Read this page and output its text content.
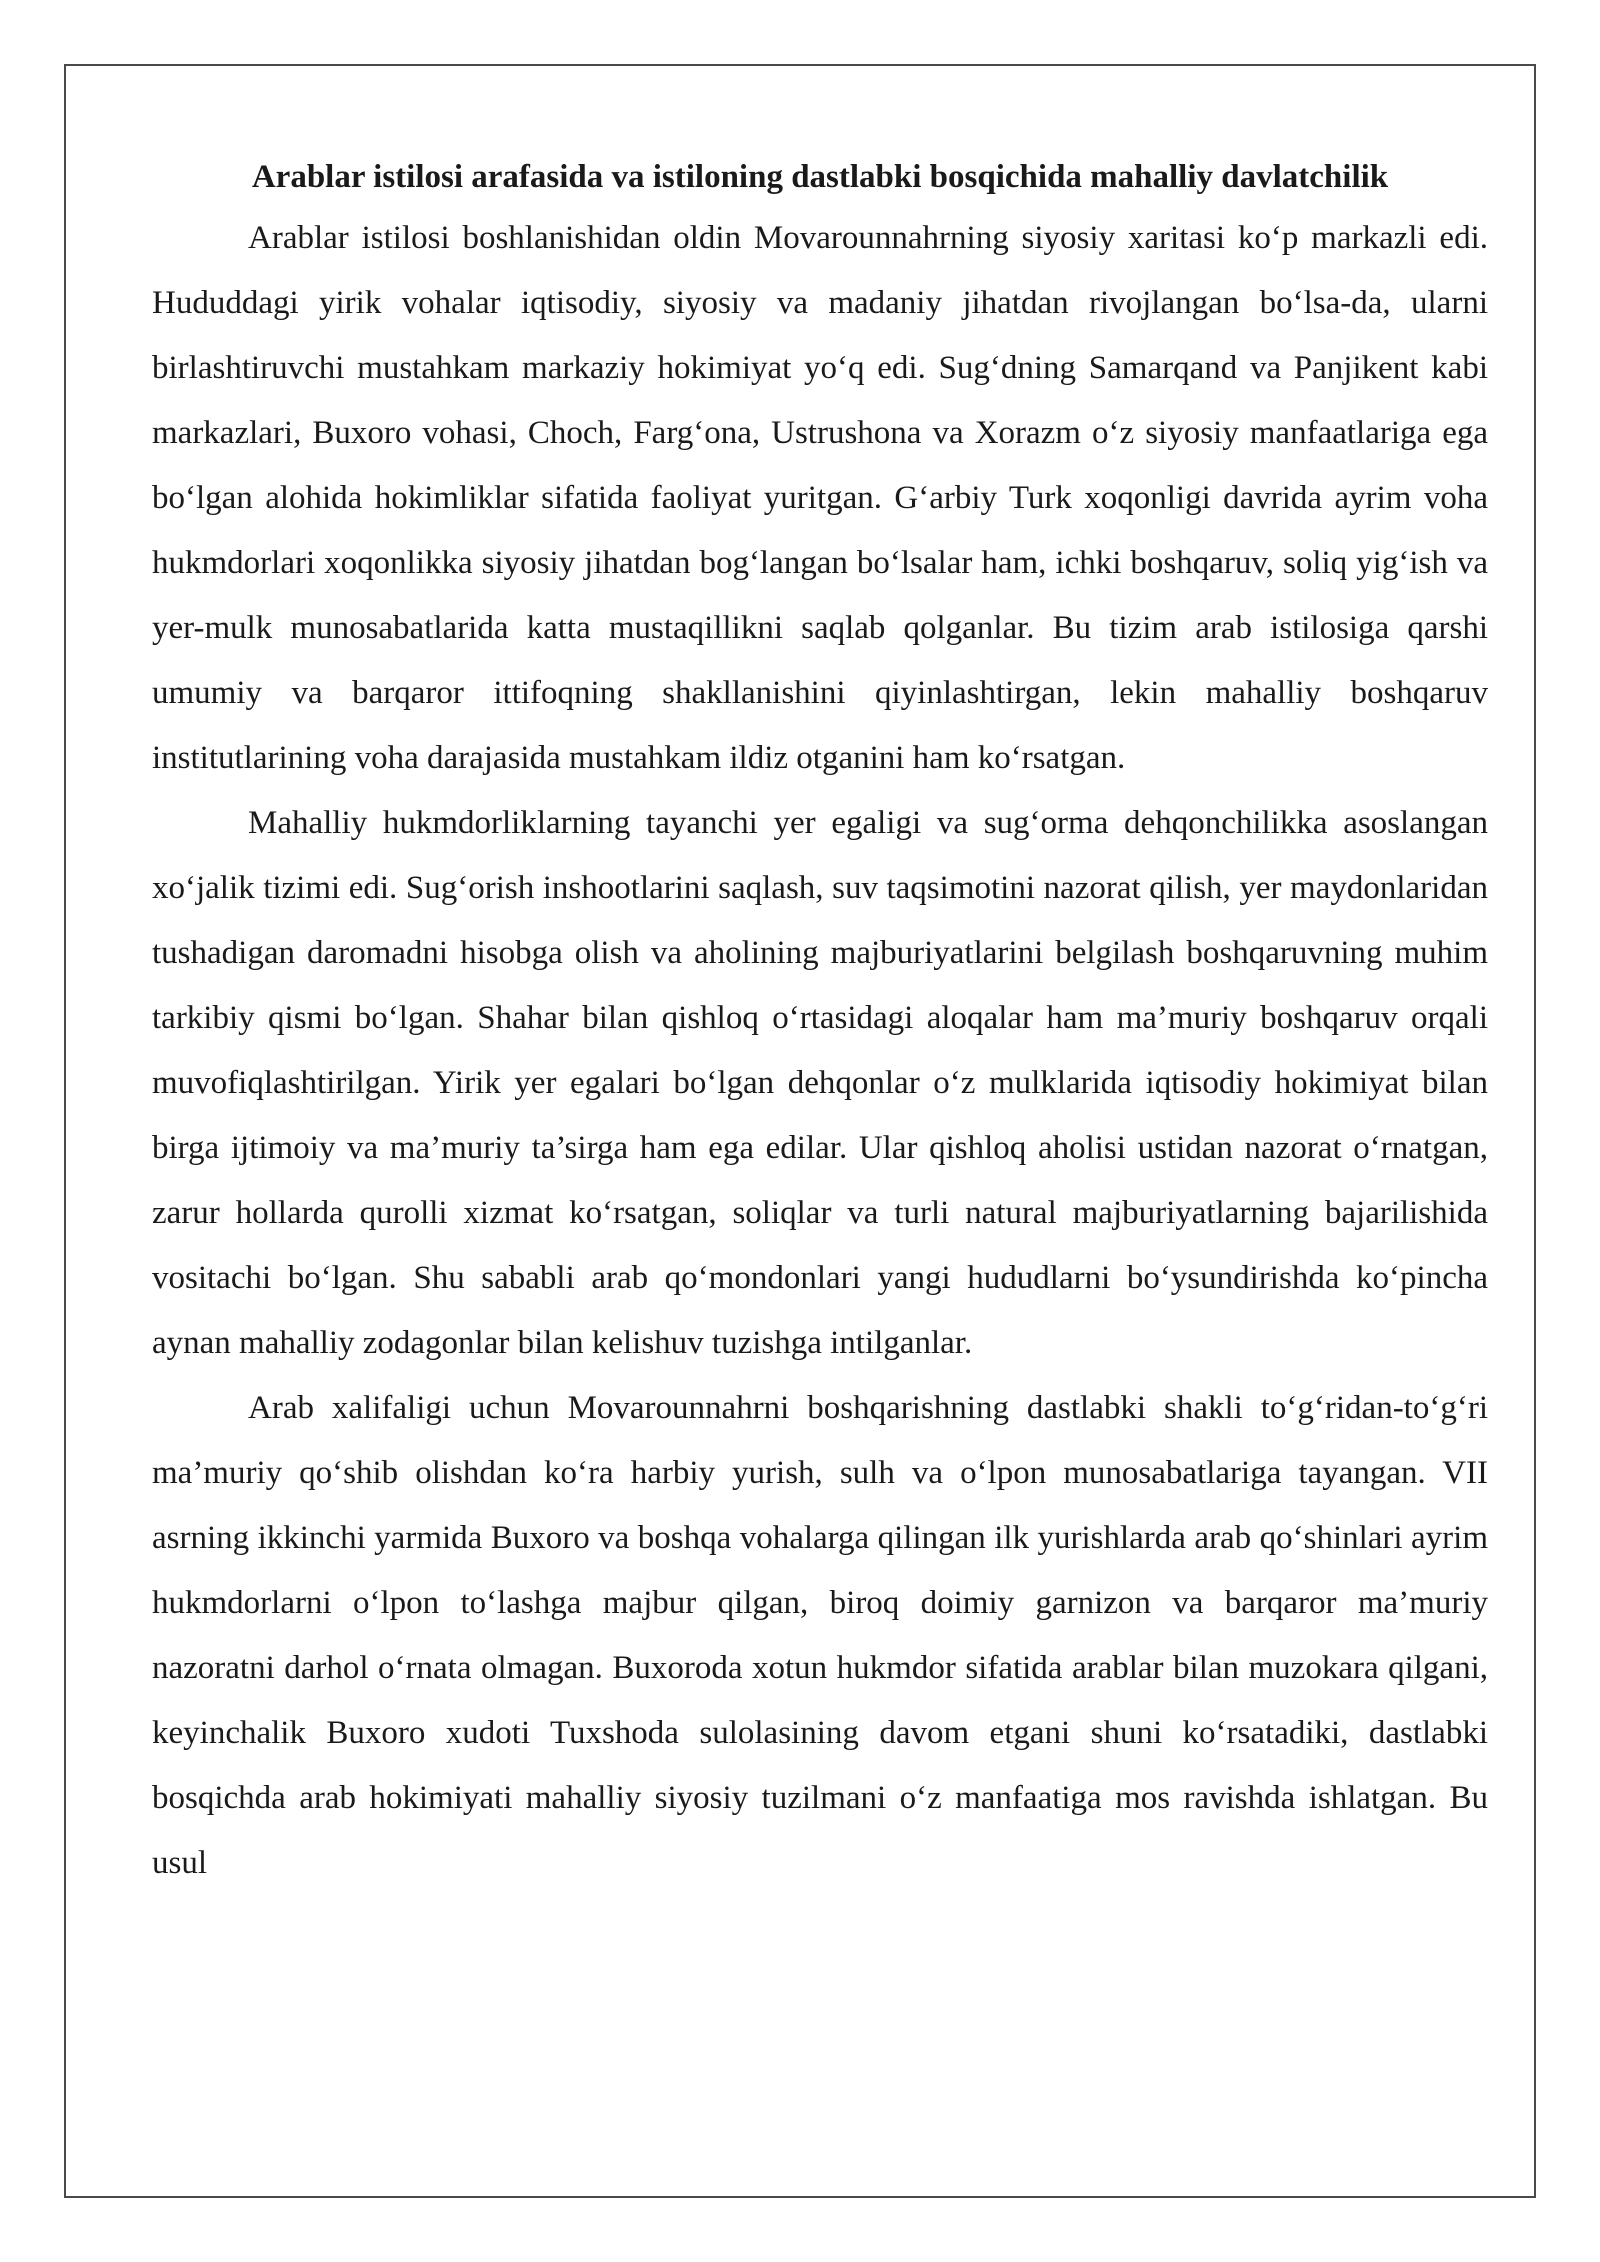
Arablar istilosi arafasida va istiloning dastlabki bosqichida mahalliy davlatchilik

Arablar istilosi boshlanishidan oldin Movarounnahrning siyosiy xaritasi ko‘p markazli edi. Hududdagi yirik vohalar iqtisodiy, siyosiy va madaniy jihatdan rivojlangan bo‘lsa-da, ularni birlashtiruvchi mustahkam markaziy hokimiyat yo‘q edi. Sug‘dning Samarqand va Panjikent kabi markazlari, Buxoro vohasi, Choch, Farg‘ona, Ustrushona va Xorazm o‘z siyosiy manfaatlariga ega bo‘lgan alohida hokimliklar sifatida faoliyat yuritgan. G‘arbiy Turk xoqonligi davrida ayrim voha hukmdorlari xoqonlikka siyosiy jihatdan bog‘langan bo‘lsalar ham, ichki boshqaruv, soliq yig‘ish va yer-mulk munosabatlarida katta mustaqillikni saqlab qolganlar. Bu tizim arab istilosiga qarshi umumiy va barqaror ittifoqning shakllanishini qiyinlashtirgan, lekin mahalliy boshqaruv institutlarining voha darajasida mustahkam ildiz otganini ham ko‘rsatgan.

Mahalliy hukmdorliklarning tayanchi yer egaligi va sug‘orma dehqonchilikka asoslangan xo‘jalik tizimi edi. Sug‘orish inshootlarini saqlash, suv taqsimotini nazorat qilish, yer maydonlaridan tushadigan daromadni hisobga olish va aholining majburiyatlarini belgilash boshqaruvning muhim tarkibiy qismi bo‘lgan. Shahar bilan qishloq o‘rtasidagi aloqalar ham ma’muriy boshqaruv orqali muvofiqlashtirilgan. Yirik yer egalari bo‘lgan dehqonlar o‘z mulklarida iqtisodiy hokimiyat bilan birga ijtimoiy va ma’muriy ta’sirga ham ega edilar. Ular qishloq aholisi ustidan nazorat o‘rnatgan, zarur hollarda qurolli xizmat ko‘rsatgan, soliqlar va turli natural majburiyatlarning bajarilishida vositachi bo‘lgan. Shu sababli arab qo‘mondonlari yangi hududlarni bo‘ysundirishda ko‘pincha aynan mahalliy zodagonlar bilan kelishuv tuzishga intilganlar.

Arab xalifaligi uchun Movarounnahrni boshqarishning dastlabki shakli to‘g‘ridan-to‘g‘ri ma’muriy qo‘shib olishdan ko‘ra harbiy yurish, sulh va o‘lpon munosabatlariga tayangan. VII asrning ikkinchi yarmida Buxoro va boshqa vohalarga qilingan ilk yurishlarda arab qo‘shinlari ayrim hukmdorlarni o‘lpon to‘lashga majbur qilgan, biroq doimiy garnizon va barqaror ma’muriy nazoratni darhol o‘rnata olmagan. Buxoroda xotun hukmdor sifatida arablar bilan muzokara qilgani, keyinchalik Buxoro xudoti Tuxshoda sulolasining davom etgani shuni ko‘rsatadiki, dastlabki bosqichda arab hokimiyati mahalliy siyosiy tuzilmani o‘z manfaatiga mos ravishda ishlatgan. Bu usul
